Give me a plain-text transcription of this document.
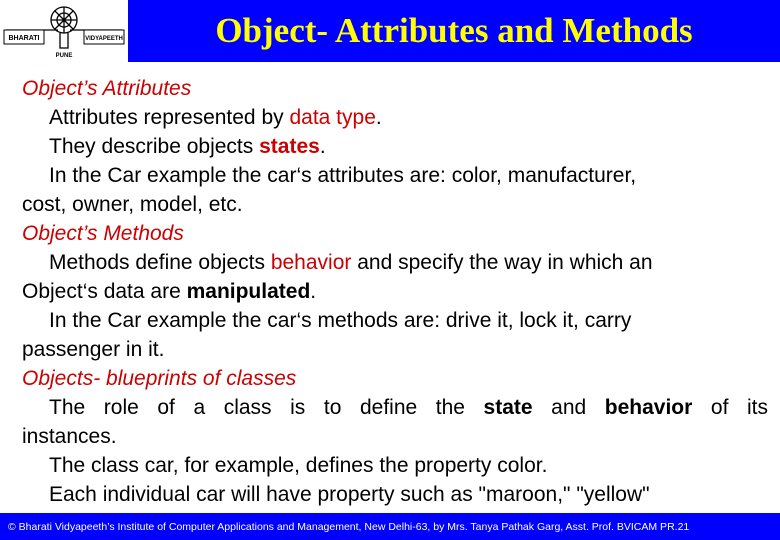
BHARATI	VIDYAPEETH
PUNE
Object- Attributes and Methods

Object’s Attributes

Attributes represented by data type.

They describe objects states.

In the Car example the car‘s attributes are: color, manufacturer,

cost, owner, model, etc.

Object’s Methods

Methods define objects behavior and specify the way in which an

Object‘s data are manipulated.

In the Car example the car‘s methods are: drive it, lock it, carry

passenger in it.

Objects- blueprints of classes

The role of a class is to define the state and behavior of its

instances.

The class car, for example, defines the property color.

Each individual car will have property such as "maroon," "yellow"

© Bharati Vidyapeeth’s Institute of Computer Applications and Management, New Delhi-63, by Mrs. Tanya Pathak Garg, Asst. Prof. BVICAM PR.21
